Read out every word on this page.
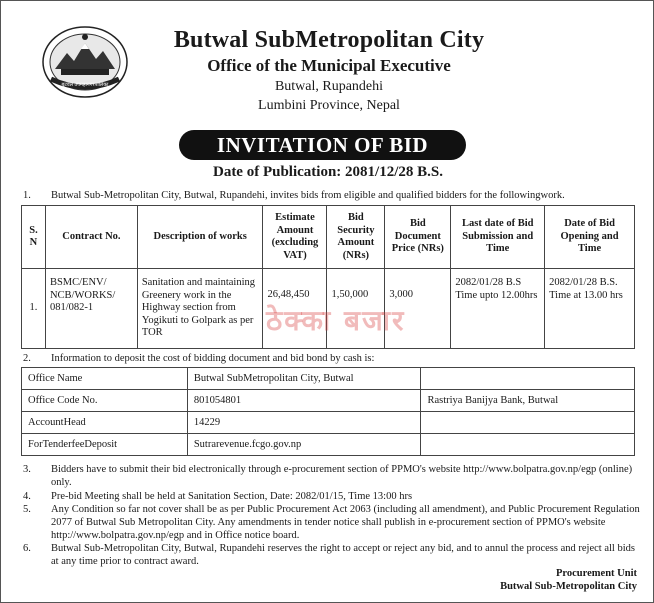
बुटवल उपमहानगरपालिका
Butwal SubMetropolitan City
Office of the Municipal Executive
Butwal, Rupandehi
Lumbini Province, Nepal
INVITATION OF BID
Date of Publication: 2081/12/28 B.S.
1. Butwal Sub-Metropolitan City, Butwal, Rupandehi, invites bids from eligible and qualified bidders for the followingwork.
S. N	Contract No.	Description of works	Estimate Amount (excluding VAT)	Bid Security Amount (NRs)	Bid Document Price (NRs)	Last date of Bid Submission and Time	Date of Bid Opening and Time
1.	BSMC/ENV/ NCB/WORKS/ 081/082-1	Sanitation and maintaining Greenery work in the Highway section from Yogikuti to Golpark as per TOR	26,48,450	1,50,000	3,000	2082/01/28 B.S Time upto 12.00hrs	2082/01/28 B.S. Time at 13.00 hrs
ठेक्का बजार
2. Information to deposit the cost of bidding document and bid bond by cash is:
Office Name	Butwal SubMetropolitan City, Butwal	
Office Code No.	801054801	Rastriya Banijya Bank, Butwal
AccountHead	14229	
ForTenderfeeDeposit	Sutrarevenue.fcgo.gov.np	
3. Bidders have to submit their bid electronically through e-procurement section of PPMO's website http://www.bolpatra.gov.np/egp (online) only.
4. Pre-bid Meeting shall be held at Sanitation Section, Date: 2082/01/15, Time 13:00 hrs
5. Any Condition so far not cover shall be as per Public Procurement Act 2063 (including all amendment), and Public Procurement Regulation 2077 of Butwal Sub Metropolitan City. Any amendments in tender notice shall publish in e-procurement section of PPMO's website http://www.bolpatra.gov.np/egp and in Office notice board.
6. Butwal Sub-Metropolitan City, Butwal, Rupandehi reserves the right to accept or reject any bid, and to annul the process and reject all bids at any time prior to contract award.
Procurement Unit
Butwal Sub-Metropolitan City
